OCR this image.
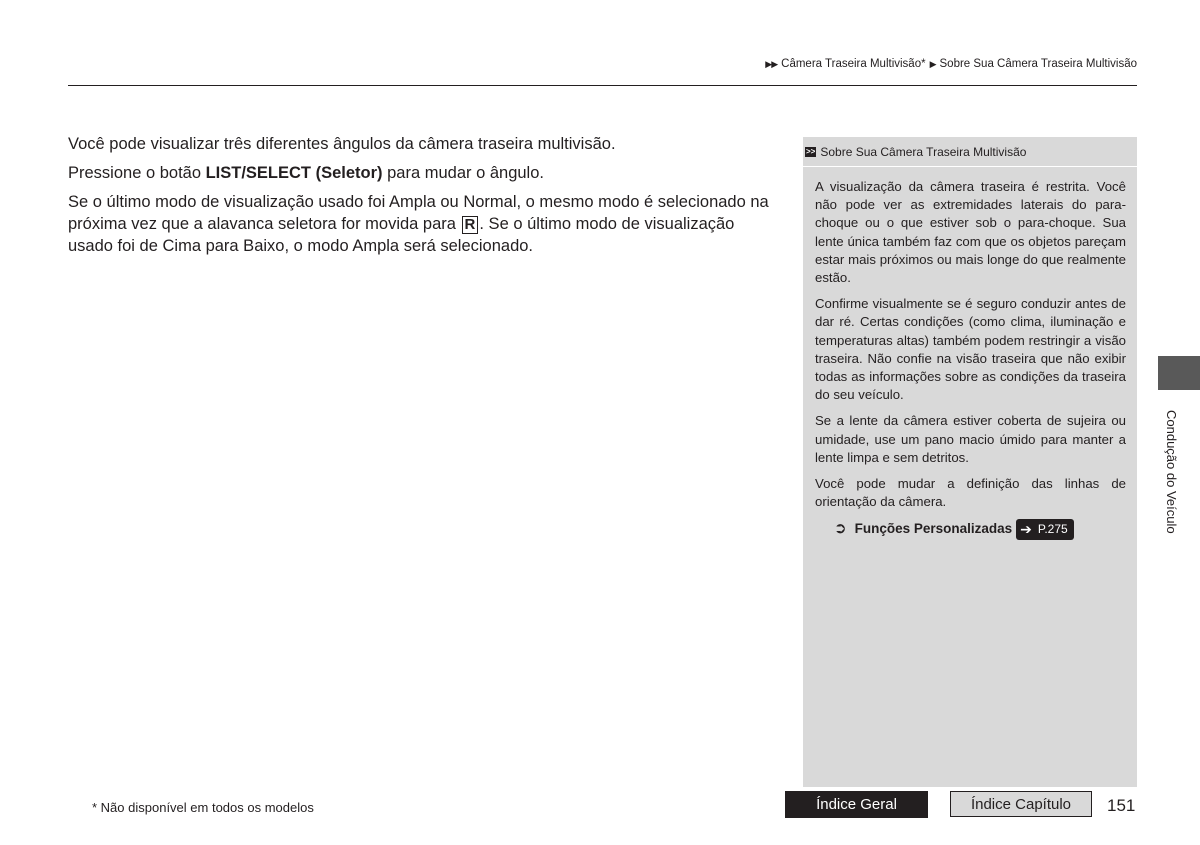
▶▶ Câmera Traseira Multivisão* ▶ Sobre Sua Câmera Traseira Multivisão

Você pode visualizar três diferentes ângulos da câmera traseira multivisão.

Pressione o botão LIST/SELECT (Seletor) para mudar o ângulo.

Se o último modo de visualização usado foi Ampla ou Normal, o mesmo modo é selecionado na próxima vez que a alavanca seletora for movida para R . Se o último modo de visualização usado foi de Cima para Baixo, o modo Ampla será selecionado.

>> Sobre Sua Câmera Traseira Multivisão

A visualização da câmera traseira é restrita. Você não pode ver as extremidades laterais do para-choque ou o que estiver sob o para-choque. Sua lente única também faz com que os objetos pareçam estar mais próximos ou mais longe do que realmente estão.

Confirme visualmente se é seguro conduzir antes de dar ré. Certas condições (como clima, iluminação e temperaturas altas) também podem restringir a visão traseira. Não confie na visão traseira que não exibir todas as informações sobre as condições da traseira do seu veículo.

Se a lente da câmera estiver coberta de sujeira ou umidade, use um pano macio úmido para manter a lente limpa e sem detritos.

Você pode mudar a definição das linhas de orientação da câmera.

➲ Funções Personalizadas ➔ P.275	Condução do Veículo
* Não disponível em todos os modelos	Índice Geral	Índice Capítulo	151
